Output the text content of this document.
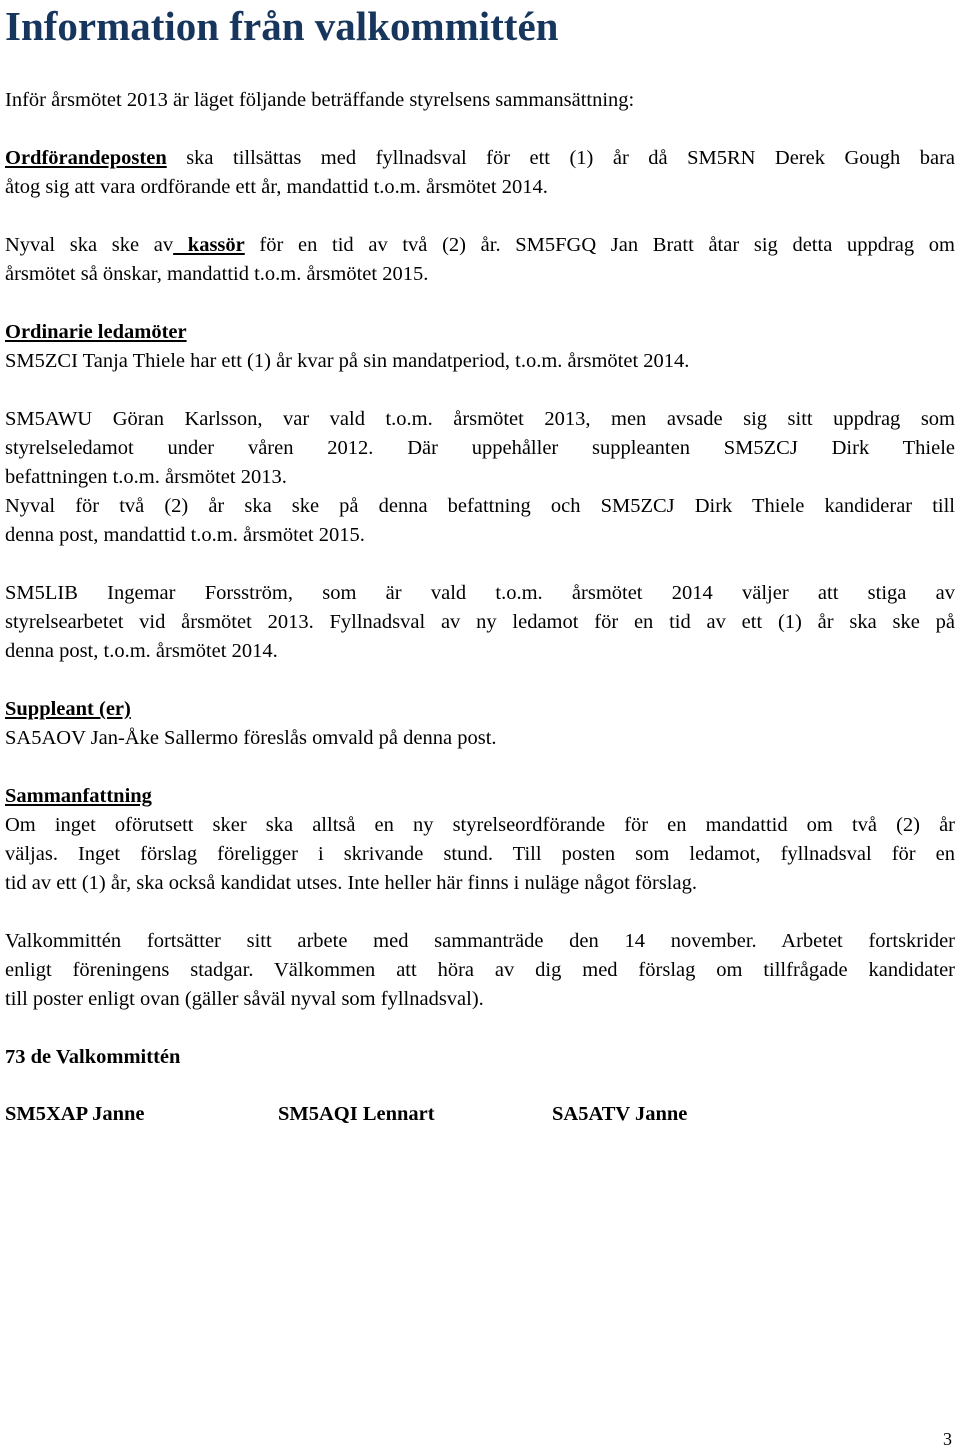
Information från valkommittén

Inför årsmötet 2013 är läget följande beträffande styrelsens sammansättning:

Ordförandeposten ska tillsättas med fyllnadsval för ett (1) år då SM5RN Derek Gough bara
åtog sig att vara ordförande ett år, mandattid t.o.m. årsmötet 2014.

Nyval ska ske av kassör för en tid av två (2) år. SM5FGQ Jan Bratt åtar sig detta uppdrag om
årsmötet så önskar, mandattid t.o.m. årsmötet 2015.

Ordinarie ledamöter
SM5ZCI Tanja Thiele har ett (1) år kvar på sin mandatperiod, t.o.m. årsmötet 2014.

SM5AWU Göran Karlsson, var vald t.o.m. årsmötet 2013, men avsade sig sitt uppdrag som
styrelseledamot under våren 2012. Där uppehåller suppleanten SM5ZCJ Dirk Thiele
befattningen t.o.m. årsmötet 2013.
Nyval för två (2) år ska ske på denna befattning och SM5ZCJ Dirk Thiele kandiderar till
denna post, mandattid t.o.m. årsmötet 2015.

SM5LIB Ingemar Forsström, som är vald t.o.m. årsmötet 2014 väljer att stiga av
styrelsearbetet vid årsmötet 2013. Fyllnadsval av ny ledamot för en tid av ett (1) år ska ske på
denna post, t.o.m. årsmötet 2014.

Suppleant (er)
SA5AOV Jan-Åke Sallermo föreslås omvald på denna post.

Sammanfattning
Om inget oförutsett sker ska alltså en ny styrelseordförande för en mandattid om två (2) år
väljas. Inget förslag föreligger i skrivande stund. Till posten som ledamot, fyllnadsval för en
tid av ett (1) år, ska också kandidat utses. Inte heller här finns i nuläge något förslag.

Valkommittén fortsätter sitt arbete med sammanträde den 14 november. Arbetet fortskrider
enligt föreningens stadgar. Välkommen att höra av dig med förslag om tillfrågade kandidater
till poster enligt ovan (gäller såväl nyval som fyllnadsval).

73 de Valkommittén

SM5XAP Janne	SM5AQI Lennart	SA5ATV Janne
3
